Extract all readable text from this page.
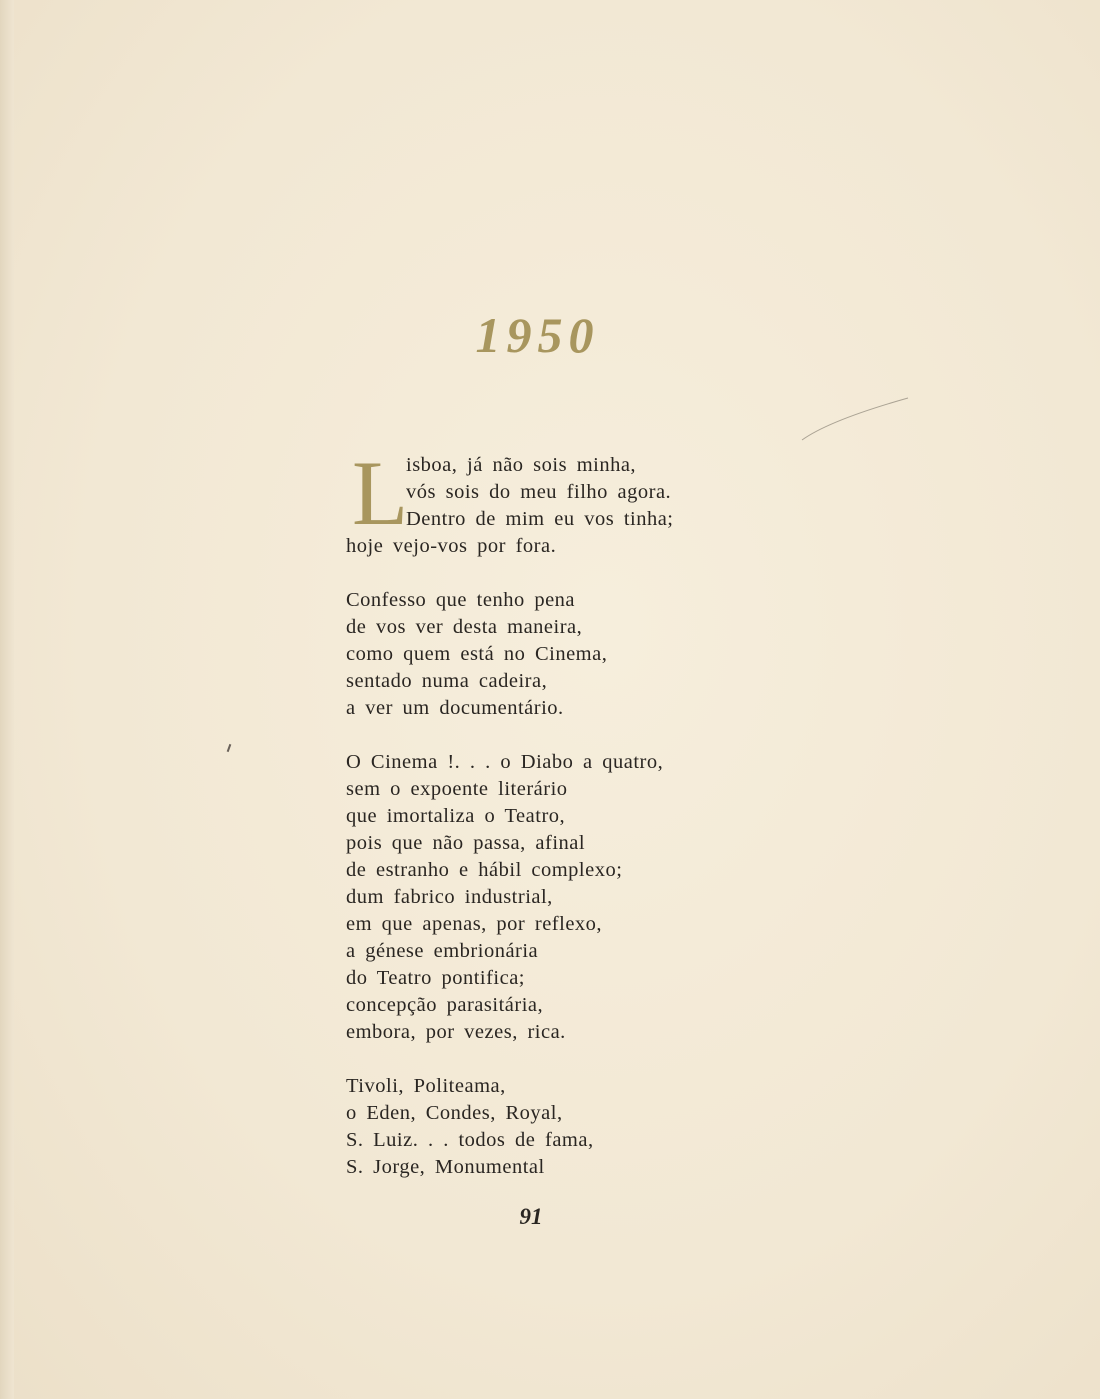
1950
L
isboa, já não sois minha,
vós sois do meu filho agora.
Dentro de mim eu vos tinha;
hoje vejo-vos por fora.
Confesso que tenho pena
de vos ver desta maneira,
como quem está no Cinema,
sentado numa cadeira,
a ver um documentário.
O Cinema !. . . o Diabo a quatro,
sem o expoente literário
que imortaliza o Teatro,
pois que não passa, afinal
de estranho e hábil complexo;
dum fabrico industrial,
em que apenas, por reflexo,
a génese embrionária
do Teatro pontifica;
concepção parasitária,
embora, por vezes, rica.
Tivoli, Politeama,
o Eden, Condes, Royal,
S. Luiz. . . todos de fama,
S. Jorge, Monumental
91
